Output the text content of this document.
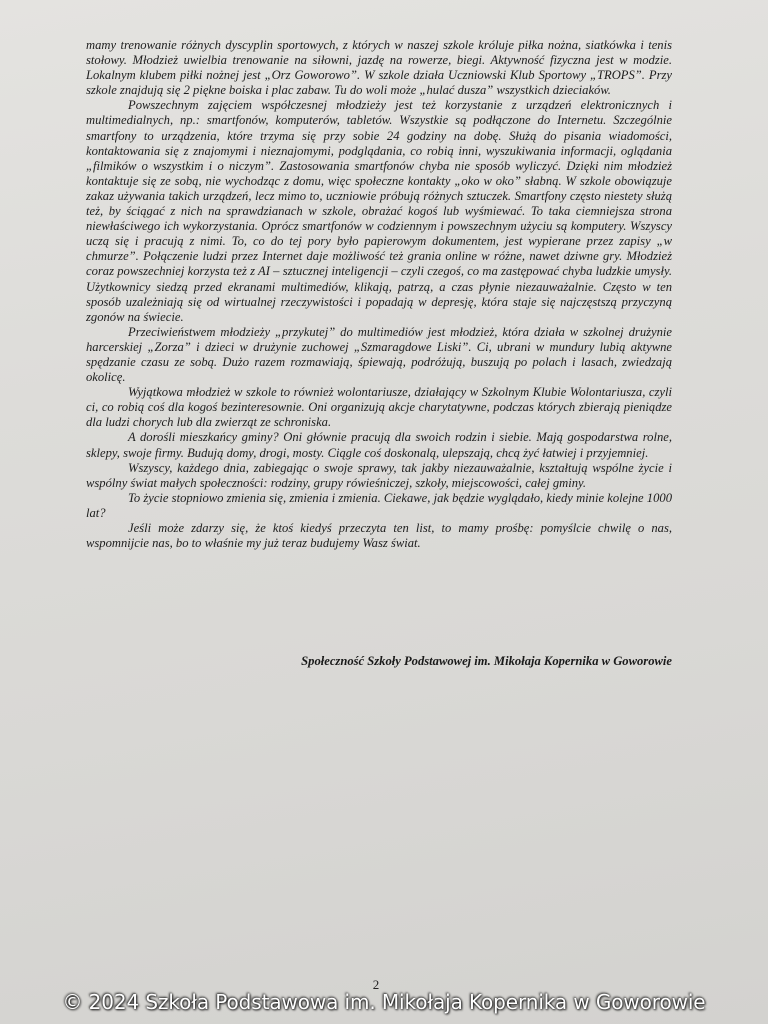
mamy trenowanie różnych dyscyplin sportowych, z których w naszej szkole króluje piłka nożna, siatkówka i tenis stołowy. Młodzież uwielbia trenowanie na siłowni, jazdę na rowerze, biegi. Aktywność fizyczna jest w modzie. Lokalnym klubem piłki nożnej jest „Orz Goworowo”. W szkole działa Uczniowski Klub Sportowy „TROPS”. Przy szkole znajdują się 2 piękne boiska i plac zabaw. Tu do woli może „hulać dusza” wszystkich dzieciaków.

Powszechnym zajęciem współczesnej młodzieży jest też korzystanie z urządzeń elektronicznych i multimedialnych, np.: smartfonów, komputerów, tabletów. Wszystkie są podłączone do Internetu. Szczególnie smartfony to urządzenia, które trzyma się przy sobie 24 godziny na dobę. Służą do pisania wiadomości, kontaktowania się z znajomymi i nieznajomymi, podglądania, co robią inni, wyszukiwania informacji, oglądania „filmików o wszystkim i o niczym”. Zastosowania smartfonów chyba nie sposób wyliczyć. Dzięki nim młodzież kontaktuje się ze sobą, nie wychodząc z domu, więc społeczne kontakty „oko w oko” słabną. W szkole obowiązuje zakaz używania takich urządzeń, lecz mimo to, uczniowie próbują różnych sztuczek. Smartfony często niestety służą też, by ściągać z nich na sprawdzianach w szkole, obrażać kogoś lub wyśmiewać. To taka ciemniejsza strona niewłaściwego ich wykorzystania. Oprócz smartfonów w codziennym i powszechnym użyciu są komputery. Wszyscy uczą się i pracują z nimi. To, co do tej pory było papierowym dokumentem, jest wypierane przez zapisy „w chmurze”. Połączenie ludzi przez Internet daje możliwość też grania online w różne, nawet dziwne gry. Młodzież coraz powszechniej korzysta też z AI – sztucznej inteligencji – czyli czegoś, co ma zastępować chyba ludzkie umysły. Użytkownicy siedzą przed ekranami multimediów, klikają, patrzą, a czas płynie niezauważalnie. Często w ten sposób uzależniają się od wirtualnej rzeczywistości i popadają w depresję, która staje się najczęstszą przyczyną zgonów na świecie.

Przeciwieństwem młodzieży „przykutej” do multimediów jest młodzież, która działa w szkolnej drużynie harcerskiej „Zorza” i dzieci w drużynie zuchowej „Szmaragdowe Liski”. Ci, ubrani w mundury lubią aktywne spędzanie czasu ze sobą. Dużo razem rozmawiają, śpiewają, podróżują, buszują po polach i lasach, zwiedzają okolicę.

Wyjątkowa młodzież w szkole to również wolontariusze, działający w Szkolnym Klubie Wolontariusza, czyli ci, co robią coś dla kogoś bezinteresownie. Oni organizują akcje charytatywne, podczas których zbierają pieniądze dla ludzi chorych lub dla zwierząt ze schroniska.

A dorośli mieszkańcy gminy? Oni głównie pracują dla swoich rodzin i siebie. Mają gospodarstwa rolne, sklepy, swoje firmy. Budują domy, drogi, mosty. Ciągle coś doskonalą, ulepszają, chcą żyć łatwiej i przyjemniej.

Wszyscy, każdego dnia, zabiegając o swoje sprawy, tak jakby niezauważalnie, kształtują wspólne życie i wspólny świat małych społeczności: rodziny, grupy rówieśniczej, szkoły, miejscowości, całej gminy.

To życie stopniowo zmienia się, zmienia i zmienia. Ciekawe, jak będzie wyglądało, kiedy minie kolejne 1000 lat?

Jeśli może zdarzy się, że ktoś kiedyś przeczyta ten list, to mamy prośbę: pomyślcie chwilę o nas, wspomnijcie nas, bo to właśnie my już teraz budujemy Wasz świat.

Społeczność Szkoły Podstawowej im. Mikołaja Kopernika w Goworowie
2
© 2024 Szkoła Podstawowa im. Mikołaja Kopernika w Goworowie
